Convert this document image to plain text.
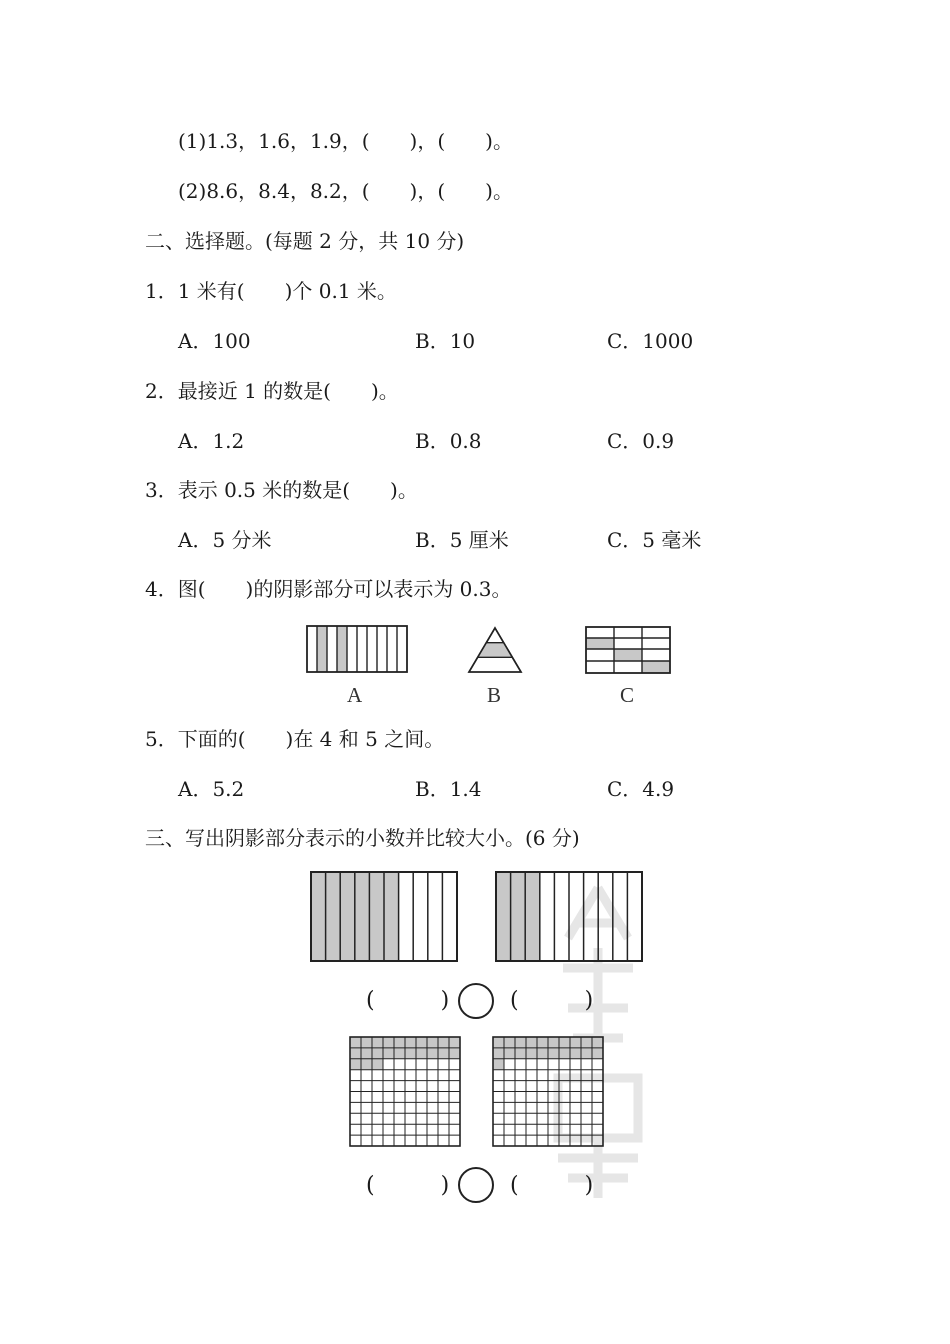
(1)1.3，1.6，1.9，(　　)，(　　)。
(2)8.6，8.4，8.2，(　　)，(　　)。
二、选择题。(每题 2 分，共 10 分)
1．1 米有(　　)个 0.1 米。
A．100	B．10	C．1000
2．最接近 1 的数是(　　)。
A．1.2	B．0.8	C．0.9
3．表示 0.5 米的数是(　　)。
A．5 分米	B．5 厘米	C．5 毫米
4．图(　　)的阴影部分可以表示为 0.3。
A	B	C
5．下面的(　　)在 4 和 5 之间。
A．5.2	B．1.4	C．4.9
三、写出阴影部分表示的小数并比较大小。(6 分)
(　　　)	(　　　)
(　　　)	(　　　)
